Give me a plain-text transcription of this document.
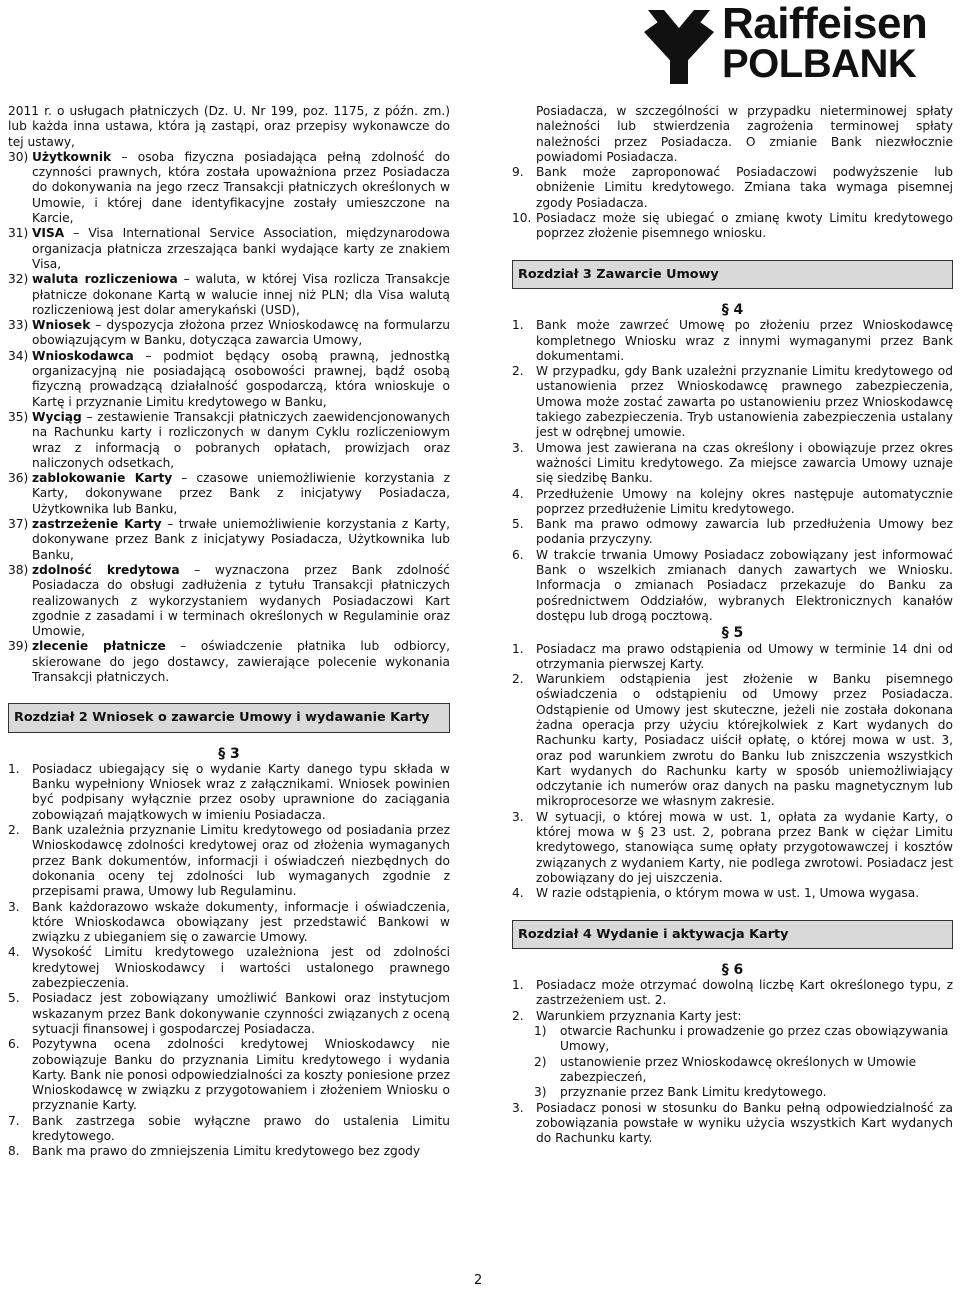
Raiffeisen
POLBANK

2011 r. o usługach płatniczych (Dz. U. Nr 199, poz. 1175, z późn. zm.) lub każda inna ustawa, która ją zastąpi, oraz przepisy wykonawcze do tej ustawy,

30) Użytkownik – osoba fizyczna posiadająca pełną zdolność do czynności prawnych, która została upoważniona przez Posiadacza do dokonywania na jego rzecz Transakcji płatniczych określonych w Umowie, i której dane identyfikacyjne zostały umieszczone na Karcie,
31) VISA – Visa International Service Association, międzynarodowa organizacja płatnicza zrzeszająca banki wydające karty ze znakiem Visa,
32) waluta rozliczeniowa – waluta, w której Visa rozlicza Transakcje płatnicze dokonane Kartą w walucie innej niż PLN; dla Visa walutą rozliczeniową jest dolar amerykański (USD),
33) Wniosek – dyspozycja złożona przez Wnioskodawcę na formularzu obowiązującym w Banku, dotycząca zawarcia Umowy,
34) Wnioskodawca – podmiot będący osobą prawną, jednostką organizacyjną nie posiadającą osobowości prawnej, bądź osobą fizyczną prowadzącą działalność gospodarczą, która wnioskuje o Kartę i przyznanie Limitu kredytowego w Banku,
35) Wyciąg – zestawienie Transakcji płatniczych zaewidencjonowanych na Rachunku karty i rozliczonych w danym Cyklu rozliczeniowym wraz z informacją o pobranych opłatach, prowizjach oraz naliczonych odsetkach,
36) zablokowanie Karty – czasowe uniemożliwienie korzystania z Karty, dokonywane przez Bank z inicjatywy Posiadacza, Użytkownika lub Banku,
37) zastrzeżenie Karty – trwałe uniemożliwienie korzystania z Karty, dokonywane przez Bank z inicjatywy Posiadacza, Użytkownika lub Banku,
38) zdolność kredytowa – wyznaczona przez Bank zdolność Posiadacza do obsługi zadłużenia z tytułu Transakcji płatniczych realizowanych z wykorzystaniem wydanych Posiadaczowi Kart zgodnie z zasadami i w terminach określonych w Regulaminie oraz Umowie,
39) zlecenie płatnicze – oświadczenie płatnika lub odbiorcy, skierowane do jego dostawcy, zawierające polecenie wykonania Transakcji płatniczych.
Rozdział 2 Wniosek o zawarcie Umowy i wydawanie Karty
§ 3
1.	Posiadacz ubiegający się o wydanie Karty danego typu składa w Banku wypełniony Wniosek wraz z załącznikami. Wniosek powinien być podpisany wyłącznie przez osoby uprawnione do zaciągania zobowiązań majątkowych w imieniu Posiadacza.
2.	Bank uzależnia przyznanie Limitu kredytowego od posiadania przez Wnioskodawcę zdolności kredytowej oraz od złożenia wymaganych przez Bank dokumentów, informacji i oświadczeń niezbędnych do dokonania oceny tej zdolności lub wymaganych zgodnie z przepisami prawa, Umowy lub Regulaminu.
3.	Bank każdorazowo wskaże dokumenty, informacje i oświadczenia, które Wnioskodawca obowiązany jest przedstawić Bankowi w związku z ubieganiem się o zawarcie Umowy.
4.	Wysokość Limitu kredytowego uzależniona jest od zdolności kredytowej Wnioskodawcy i wartości ustalonego prawnego zabezpieczenia.
5.	Posiadacz jest zobowiązany umożliwić Bankowi oraz instytucjom wskazanym przez Bank dokonywanie czynności związanych z oceną sytuacji finansowej i gospodarczej Posiadacza.
6.	Pozytywna ocena zdolności kredytowej Wnioskodawcy nie zobowiązuje Banku do przyznania Limitu kredytowego i wydania Karty. Bank nie ponosi odpowiedzialności za koszty poniesione przez Wnioskodawcę w związku z przygotowaniem i złożeniem Wniosku o przyznanie Karty.
7.	Bank zastrzega sobie wyłączne prawo do ustalenia Limitu kredytowego.
8.	Bank ma prawo do zmniejszenia Limitu kredytowego bez zgody

Posiadacza, w szczególności w przypadku nieterminowej spłaty należności lub stwierdzenia zagrożenia terminowej spłaty należności przez Posiadacza. O zmianie Bank niezwłocznie powiadomi Posiadacza.

9.	Bank może zaproponować Posiadaczowi podwyższenie lub obniżenie Limitu kredytowego. Zmiana taka wymaga pisemnej zgody Posiadacza.
10. Posiadacz może się ubiegać o zmianę kwoty Limitu kredytowego poprzez złożenie pisemnego wniosku.
Rozdział 3 Zawarcie Umowy
§ 4
1.	Bank może zawrzeć Umowę po złożeniu przez Wnioskodawcę kompletnego Wniosku wraz z innymi wymaganymi przez Bank dokumentami.
2.	W przypadku, gdy Bank uzależni przyznanie Limitu kredytowego od ustanowienia przez Wnioskodawcę prawnego zabezpieczenia, Umowa może zostać zawarta po ustanowieniu przez Wnioskodawcę takiego zabezpieczenia. Tryb ustanowienia zabezpieczenia ustalany jest w odrębnej umowie.
3.	Umowa jest zawierana na czas określony i obowiązuje przez okres ważności Limitu kredytowego. Za miejsce zawarcia Umowy uznaje się siedzibę Banku.
4.	Przedłużenie Umowy na kolejny okres następuje automatycznie poprzez przedłużenie Limitu kredytowego.
5.	Bank ma prawo odmowy zawarcia lub przedłużenia Umowy bez podania przyczyny.
6.	W trakcie trwania Umowy Posiadacz zobowiązany jest informować Bank o wszelkich zmianach danych zawartych we Wniosku. Informacja o zmianach Posiadacz przekazuje do Banku za pośrednictwem Oddziałów, wybranych Elektronicznych kanałów dostępu lub drogą pocztową.
§ 5
1.	Posiadacz ma prawo odstąpienia od Umowy w terminie 14 dni od otrzymania pierwszej Karty.
2.	Warunkiem odstąpienia jest złożenie w Banku pisemnego oświadczenia o odstąpieniu od Umowy przez Posiadacza. Odstąpienie od Umowy jest skuteczne, jeżeli nie została dokonana żadna operacja przy użyciu którejkolwiek z Kart wydanych do Rachunku karty, Posiadacz uiścił opłatę, o której mowa w ust. 3, oraz pod warunkiem zwrotu do Banku lub zniszczenia wszystkich Kart wydanych do Rachunku karty w sposób uniemożliwiający odczytanie ich numerów oraz danych na pasku magnetycznym lub mikroprocesorze we własnym zakresie.
3.	W sytuacji, o której mowa w ust. 1, opłata za wydanie Karty, o której mowa w § 23 ust. 2, pobrana przez Bank w ciężar Limitu kredytowego, stanowiąca sumę opłaty przygotowawczej i kosztów związanych z wydaniem Karty, nie podlega zwrotowi. Posiadacz jest zobowiązany do jej uiszczenia.
4.	W razie odstąpienia, o którym mowa w ust. 1, Umowa wygasa.
Rozdział 4 Wydanie i aktywacja Karty
§ 6
1.	Posiadacz może otrzymać dowolną liczbę Kart określonego typu, z zastrzeżeniem ust. 2.
2.	Warunkiem przyznania Karty jest:
1)	otwarcie Rachunku i prowadzenie go przez czas obowiązywania Umowy,
2)	ustanowienie przez Wnioskodawcę określonych w Umowie zabezpieczeń,
3)	przyznanie przez Bank Limitu kredytowego.
3.	Posiadacz ponosi w stosunku do Banku pełną odpowiedzialność za zobowiązania powstałe w wyniku użycia wszystkich Kart wydanych do Rachunku karty.
2
